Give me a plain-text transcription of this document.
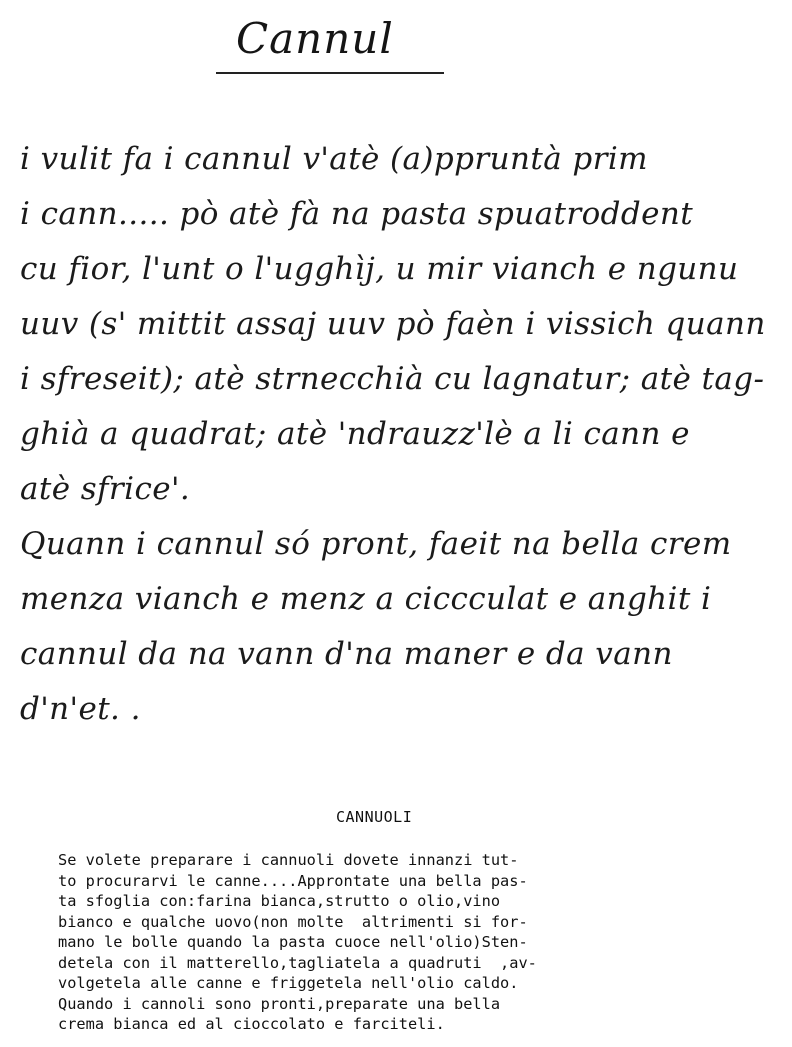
Cannul
i vulit fa i cannul v'atè (a)ppruntà prim
i cann..... pò atè fà na pasta spuatroddent
cu fior, l'unt o l'ugghìj, u mir vianch e ngunu
uuv (s' mittit assaj uuv pò faèn i vissich quann
i sfreseit); atè strnecchià cu lagnatur; atè tag-
ghià a quadrat; atè 'ndrauzz'lè a li cann e
atè sfrice'.
Quann i cannul só pront, faeit na bella crem
menza vianch e menz a ciccculat e anghit i
cannul da na vann d'na maner e da vann
d'n'et. .
CANNUOLI
Se volete preparare i cannuoli dovete innanzi tut-
to procurarvi le canne....Approntate una bella pas-
ta sfoglia con:farina bianca,strutto o olio,vino
bianco e qualche uovo(non molte  altrimenti si for-
mano le bolle quando la pasta cuoce nell'olio)Sten-
detela con il matterello,tagliatela a quadruti  ,av-
volgetela alle canne e friggetela nell'olio caldo.
Quando i cannoli sono pronti,preparate una bella
crema bianca ed al cioccolato e farciteli.
